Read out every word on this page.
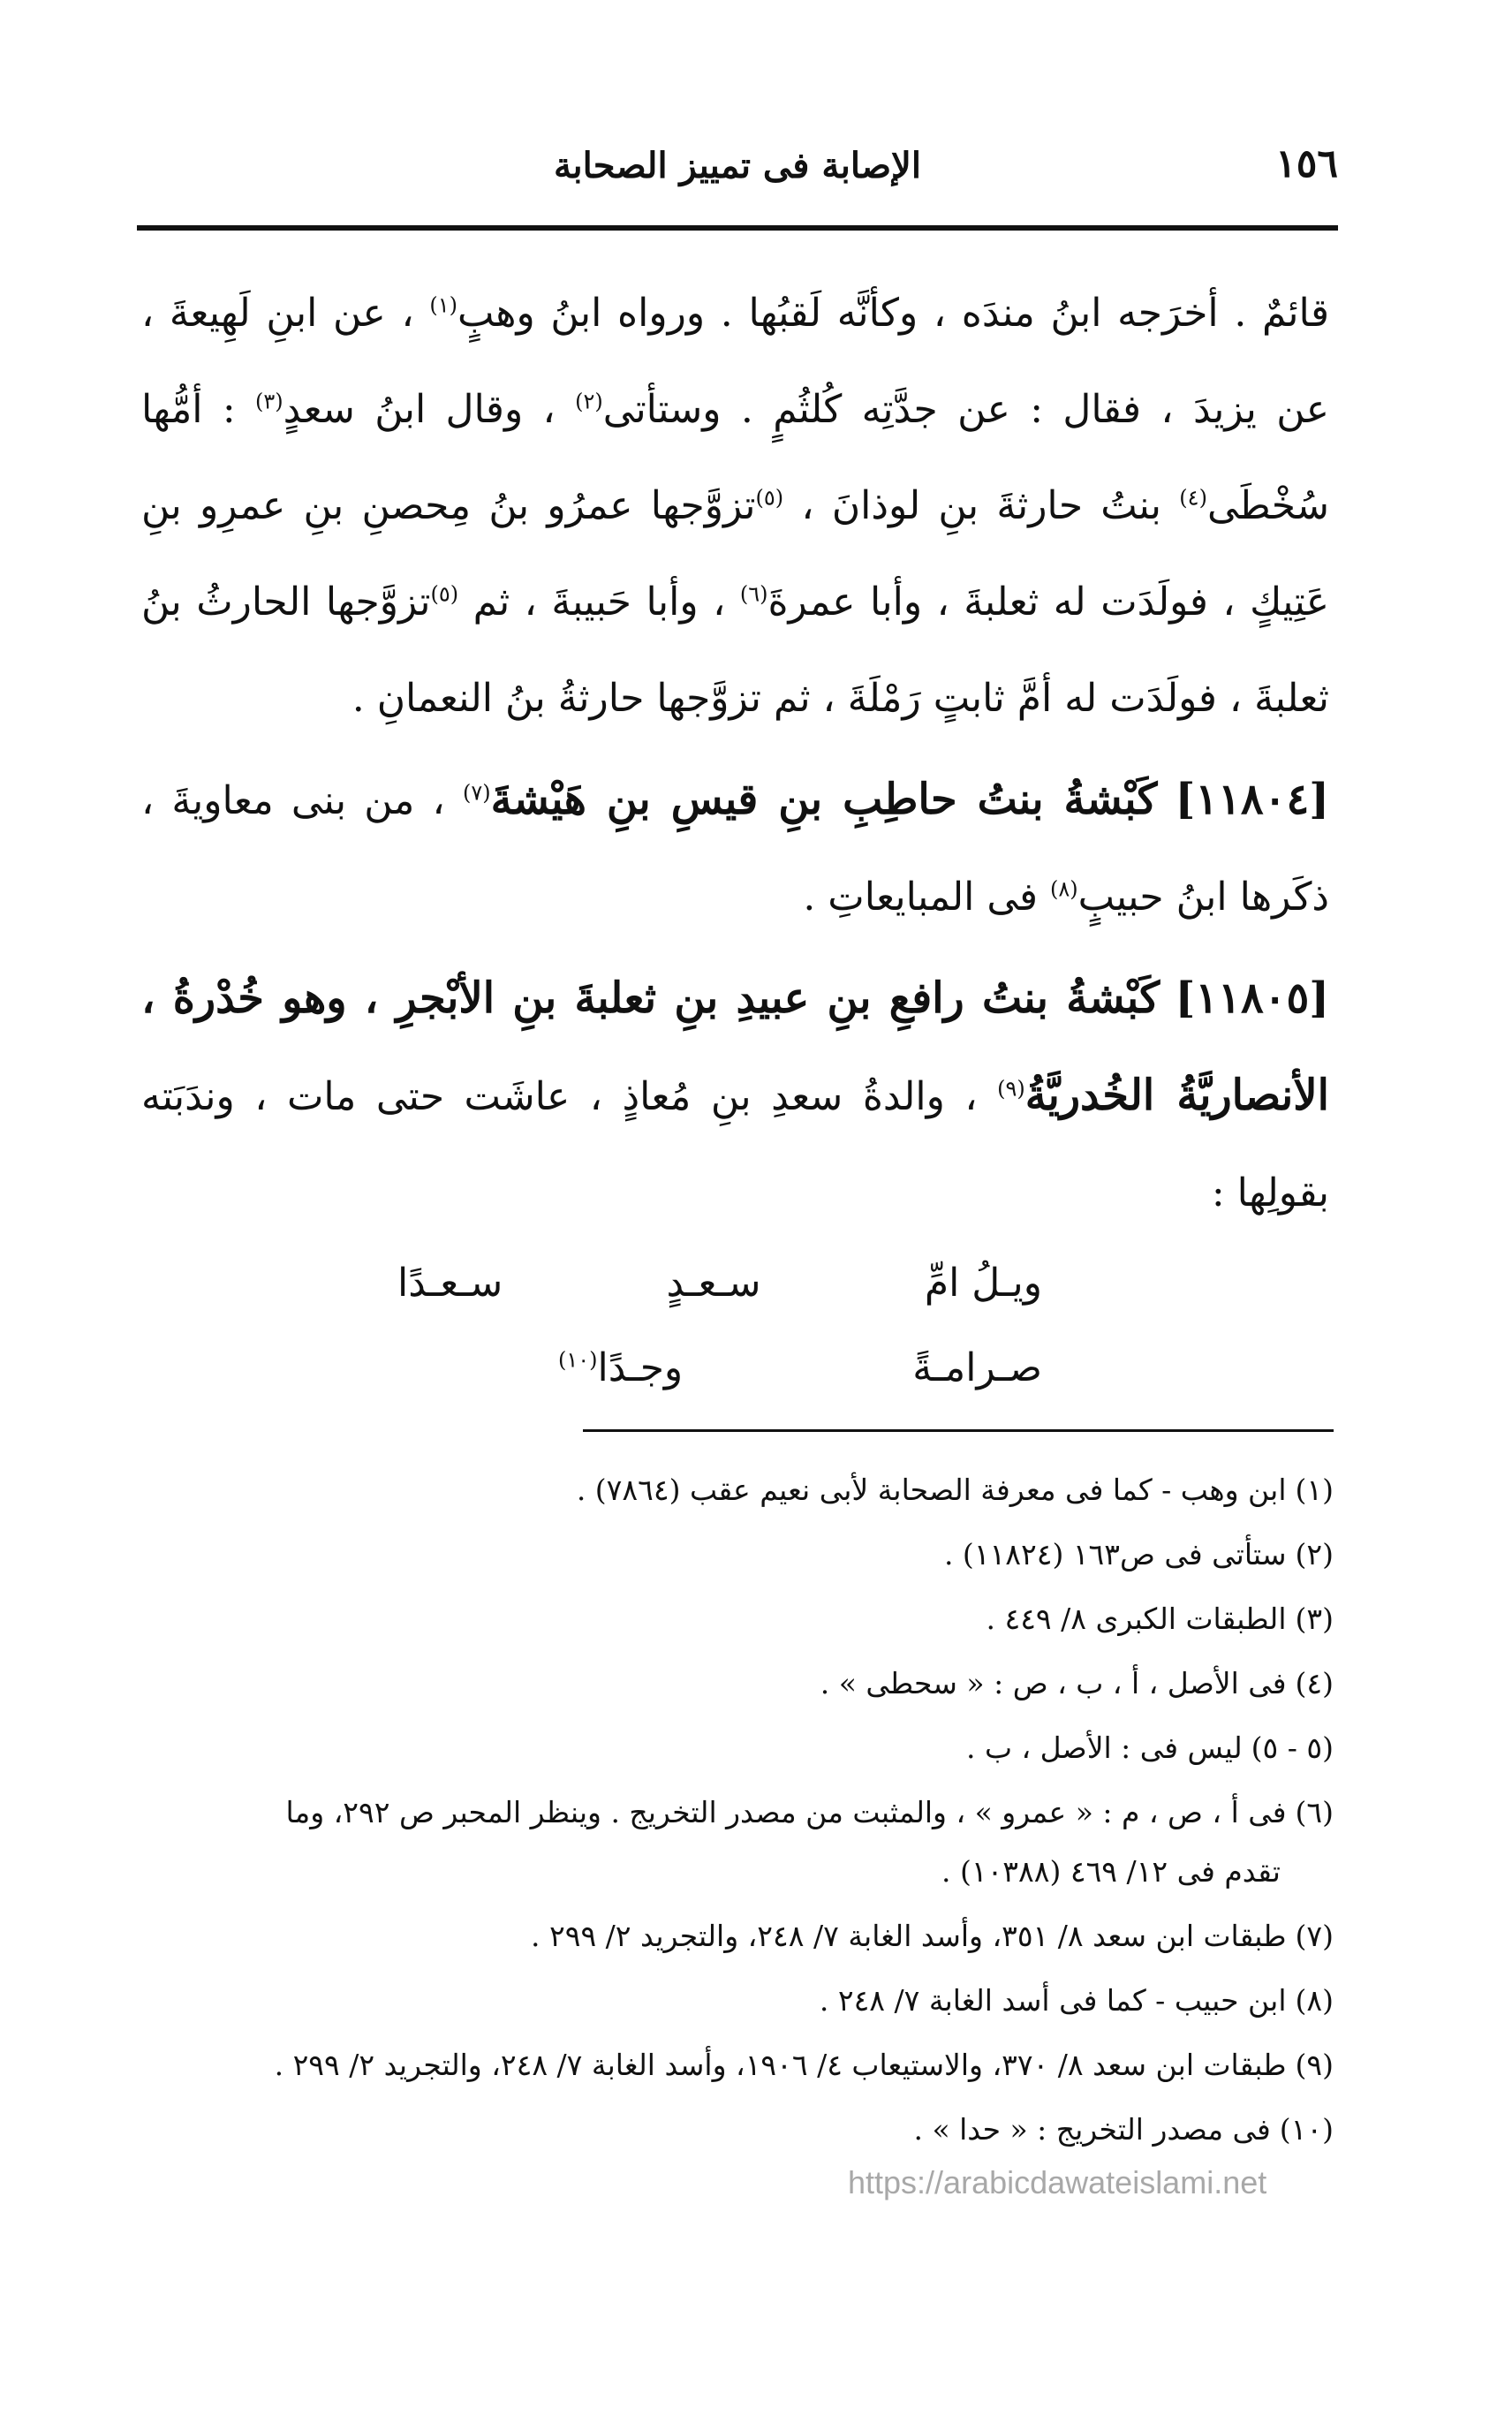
١٥٦
الإصابة فى تمييز الصحابة

قائمٌ . أخرَجه ابنُ مندَه ، وكأنَّه لَقبُها . ورواه ابنُ وهبٍ$^{(١)}$ ، عن ابنِ لَهِيعةَ ، عن يزيدَ ، فقال : عن جدَّتِه كُلثُمٍ . وستأتى$^{(٢)}$ ، وقال ابنُ سعدٍ$^{(٣)}$ : أمُّها سُخْطَى$^{(٤)}$ بنتُ حارثةَ بنِ لوذانَ ، $^{(٥)}$تزوَّجها عمرُو بنُ مِحصنِ بنِ عمرِو بنِ عَتِيكٍ ، فولَدَت له ثعلبةَ ، وأبا عمرةَ$^{(٦)}$ ، وأبا حَبيبةَ ، ثم $^{(٥)}$تزوَّجها الحارثُ بنُ ثعلبةَ ، فولَدَت له أمَّ ثابتٍ رَمْلَةَ ، ثم تزوَّجها حارثةُ بنُ النعمانِ .

[١١٨٠٤] كَبْشةُ بنتُ حاطِبِ بنِ قيسِ بنِ هَيْشةَ$^{(٧)}$ ، من بنى معاويةَ ، ذكَرها ابنُ حبيبٍ$^{(٨)}$ فى المبايعاتِ .

[١١٨٠٥] كَبْشةُ بنتُ رافعِ بنِ عبيدِ بنِ ثعلبةَ بنِ الأبْجرِ ، وهو خُدْرةُ ، الأنصاريَّةُ الخُدريَّةُ$^{(٩)}$ ، والدةُ سعدِ بنِ مُعاذٍ ، عاشَت حتى مات ، وندَبَته بقولِها :

ويـلُ امِّ
سـعـدٍ
سـعـدًا
صـرامـةً
وجـدًا$^{(١٠)}$

(١)ابن وهب - كما فى معرفة الصحابة لأبى نعيم عقب (٧٨٦٤) .

(٢)ستأتى فى ص١٦٣ (١١٨٢٤) .

(٣)الطبقات الكبرى ٨/ ٤٤٩ .

(٤)فى الأصل ، أ ، ب ، ص : « سحطى » .

(٥ - ٥)ليس فى : الأصل ، ب .

(٦)فى أ ، ص ، م : « عمرو » ، والمثبت من مصدر التخريج . وينظر المحبر ص ٢٩٢، وما

تقدم فى ١٢/ ٤٦٩ (١٠٣٨٨) .

(٧)طبقات ابن سعد ٨/ ٣٥١، وأسد الغابة ٧/ ٢٤٨، والتجريد ٢/ ٢٩٩ .

(٨)ابن حبيب - كما فى أسد الغابة ٧/ ٢٤٨ .

(٩)طبقات ابن سعد ٨/ ٣٧٠، والاستيعاب ٤/ ١٩٠٦، وأسد الغابة ٧/ ٢٤٨، والتجريد ٢/ ٢٩٩ .

(١٠)فى مصدر التخريج : « حدا » .

https://arabicdawateislami.net
